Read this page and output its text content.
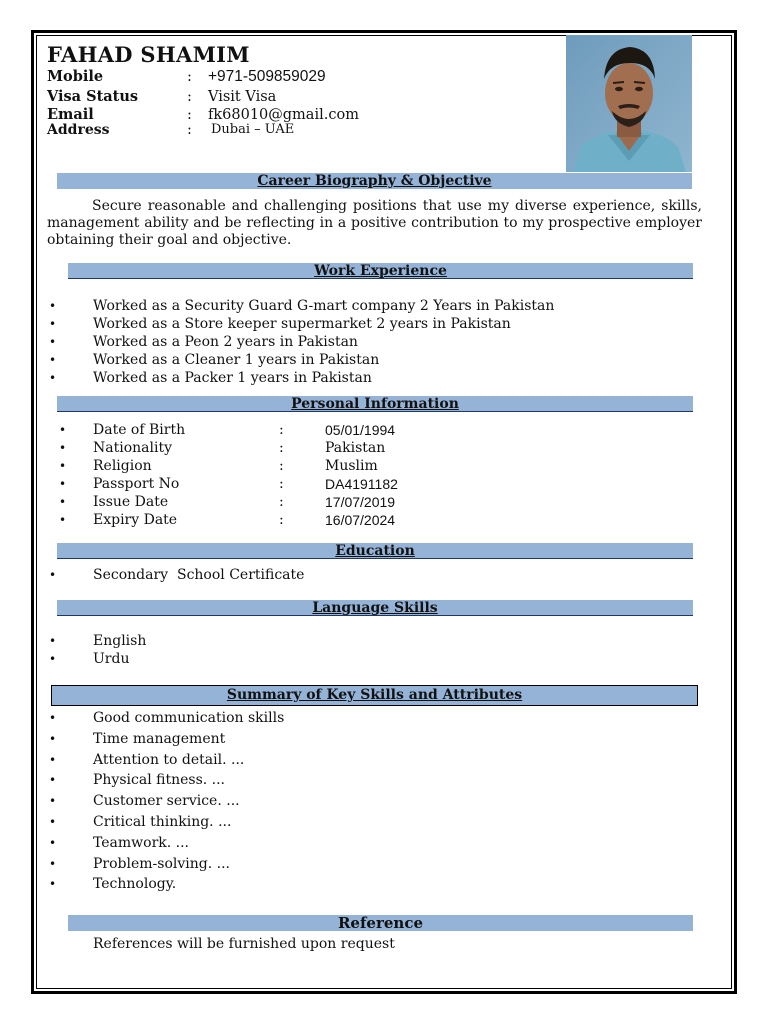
FAHAD SHAMIM
Mobile	: +971-509859029
Visa Status	: Visit Visa
Email	: fk68010@gmail.com
Address	: Dubai – UAE
Career Biography & Objective
Secure reasonable and challenging positions that use my diverse experience, skills, management ability and be reflecting in a positive contribution to my prospective employer obtaining their goal and objective.
Work Experience
• Worked as a Security Guard G-mart company 2 Years in Pakistan
• Worked as a Store keeper supermarket 2 years in Pakistan
• Worked as a Peon 2 years in Pakistan
• Worked as a Cleaner 1 years in Pakistan
• Worked as a Packer 1 years in Pakistan
Personal Information
• Date of Birth	:	05/01/1994
• Nationality	:	Pakistan
• Religion	:	Muslim
• Passport No	:	DA4191182
• Issue Date	:	17/07/2019
• Expiry Date	:	16/07/2024
Education
• Secondary  School Certificate
Language Skills
• English
• Urdu
Summary of Key Skills and Attributes
• Good communication skills
• Time management
• Attention to detail. ...
• Physical fitness. ...
• Customer service. ...
• Critical thinking. ...
• Teamwork. ...
• Problem-solving. ...
• Technology.
Reference
References will be furnished upon request
